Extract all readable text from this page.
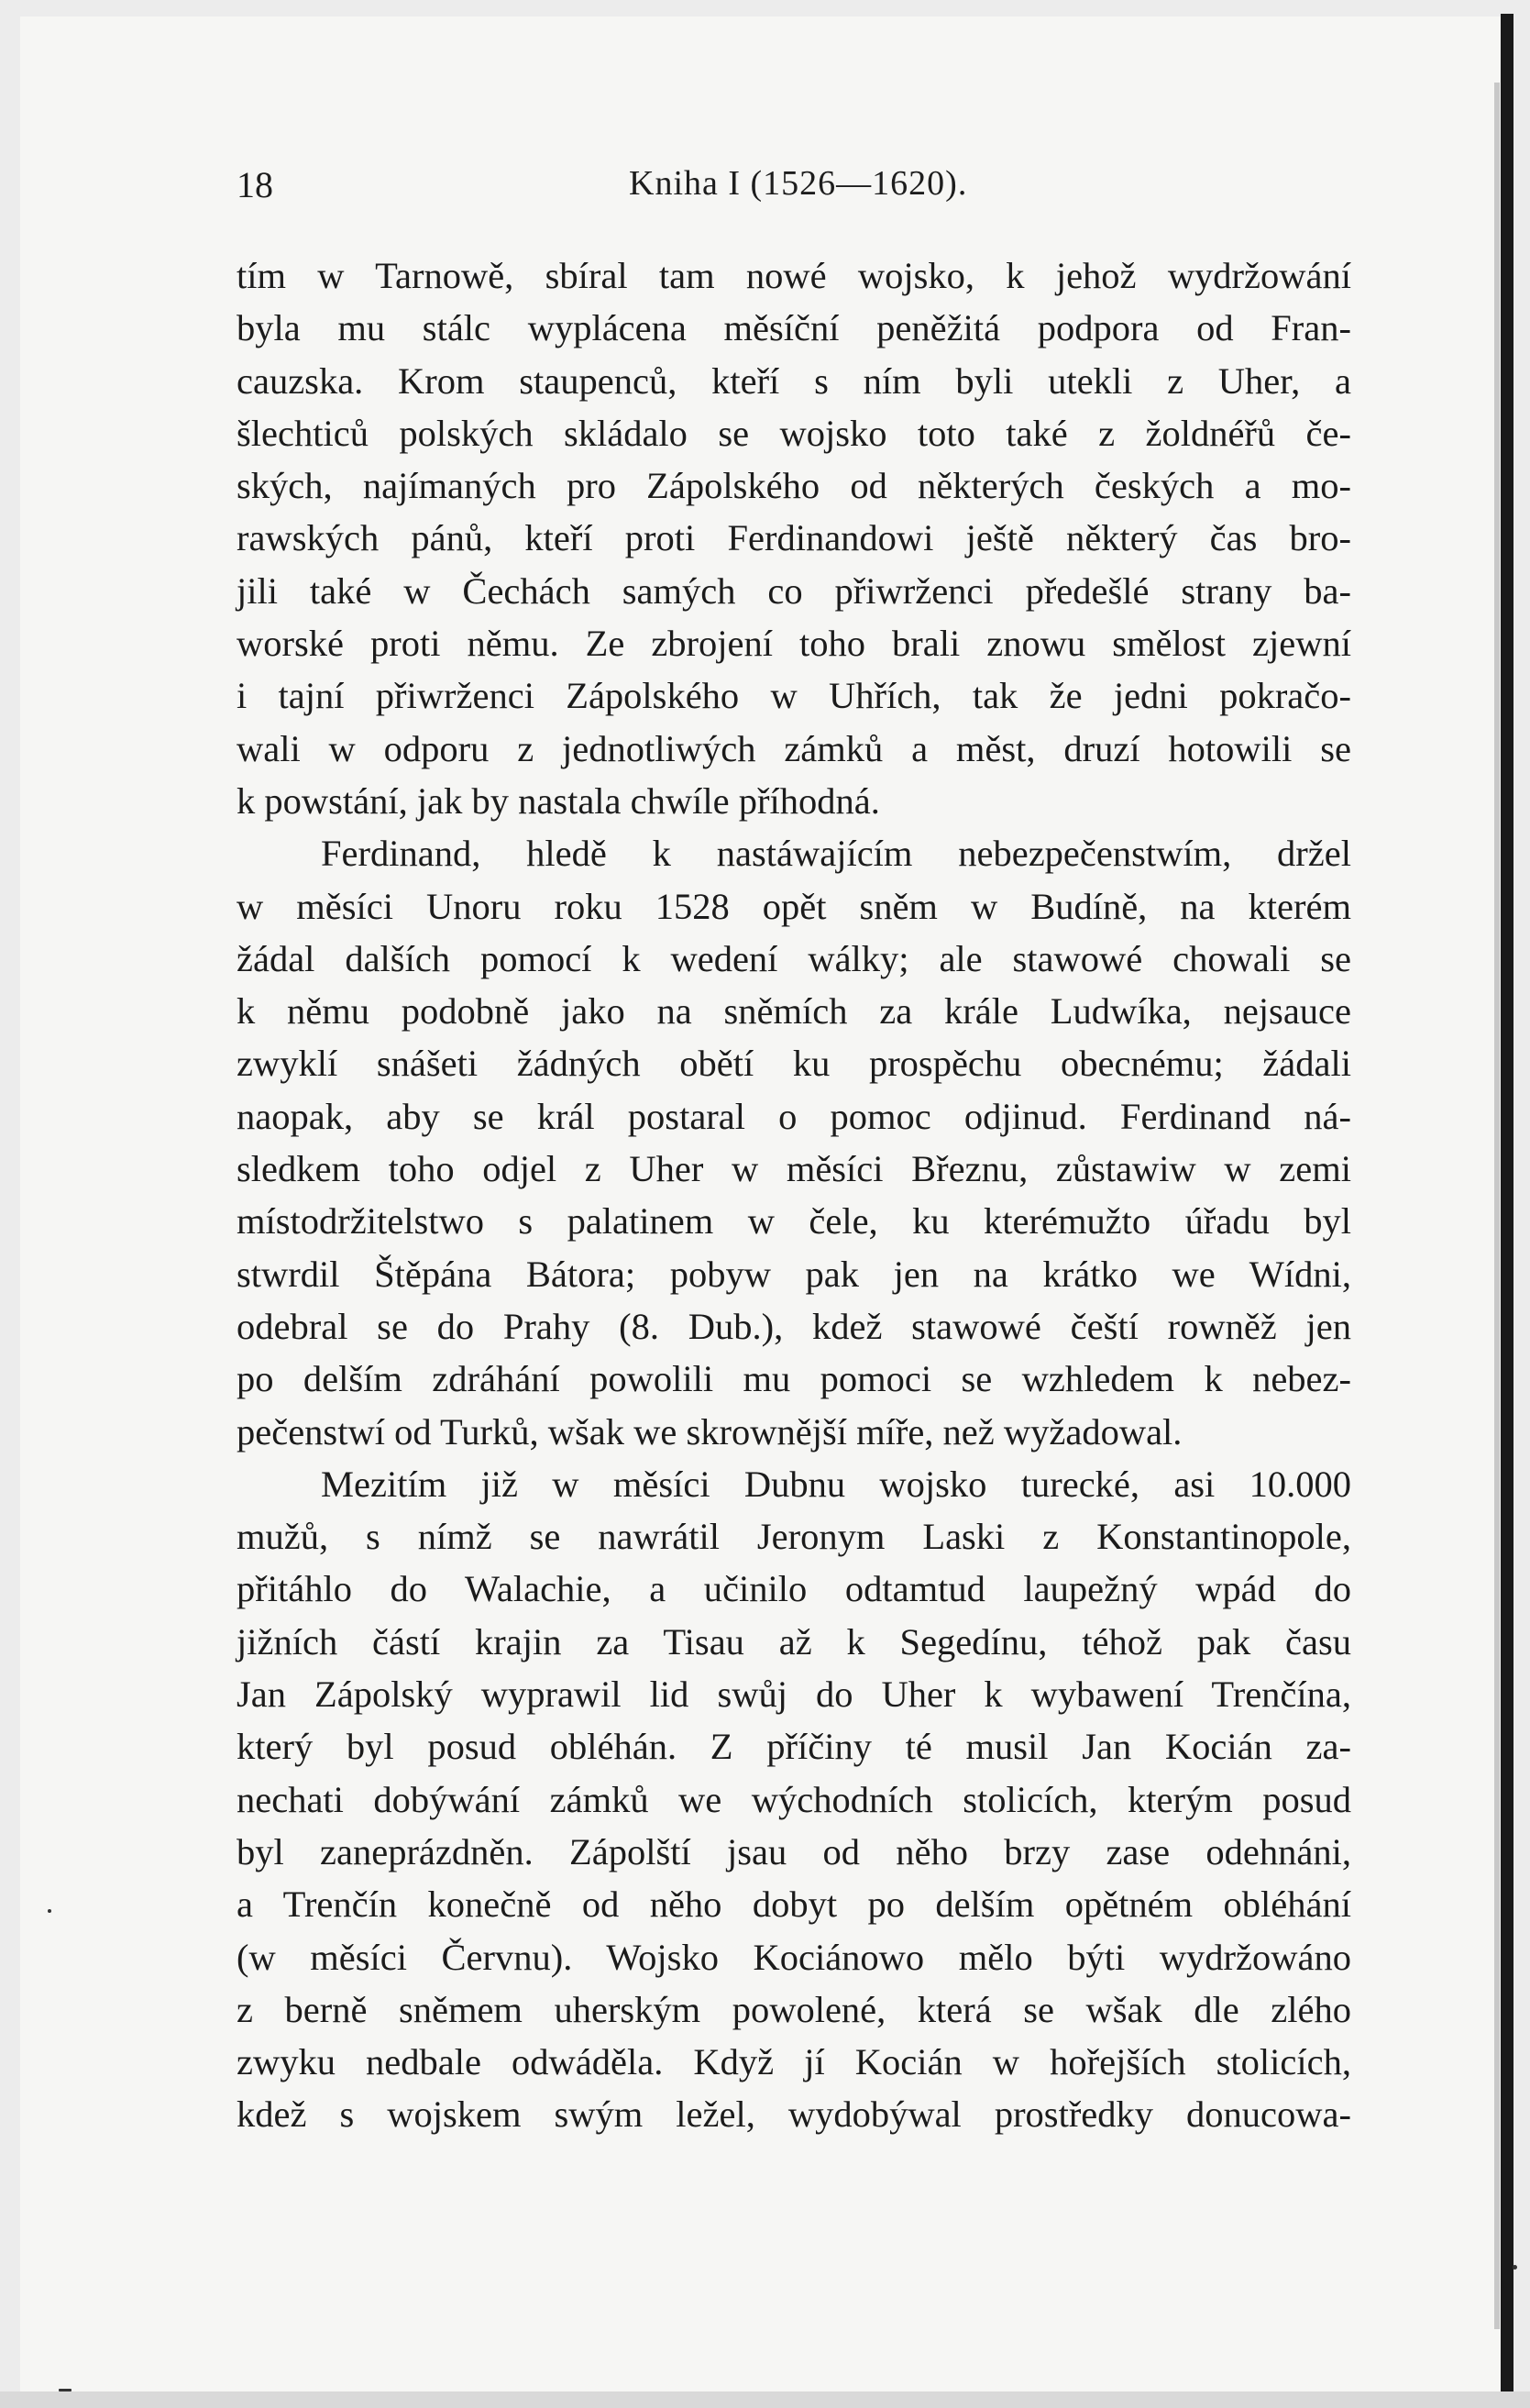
18	Kniha I (1526—1620).
tím w Tarnowě, sbíral tam nowé wojsko, k jehož wydržowání
byla mu stálc wyplácena měsíční peněžitá podpora od Fran-
cauzska. Krom staupenců, kteří s ním byli utekli z Uher, a
šlechticů polských skládalo se wojsko toto také z žoldnéřů če-
ských, najímaných pro Zápolského od některých českých a mo-
rawských pánů, kteří proti Ferdinandowi ještě některý čas bro-
jili také w Čechách samých co přiwrženci předešlé strany ba-
worské proti němu. Ze zbrojení toho brali znowu smělost zjewní
i tajní přiwrženci Zápolského w Uhřích, tak že jedni pokračo-
wali w odporu z jednotliwých zámků a měst, druzí hotowili se
k powstání, jak by nastala chwíle příhodná.
Ferdinand, hledě k nastáwajícím nebezpečenstwím, držel
w měsíci Unoru roku 1528 opět sněm w Budíně, na kterém
žádal dalších pomocí k wedení wálky; ale stawowé chowali se
k němu podobně jako na sněmích za krále Ludwíka, nejsauce
zwyklí snášeti žádných obětí ku prospěchu obecnému; žádali
naopak, aby se král postaral o pomoc odjinud. Ferdinand ná-
sledkem toho odjel z Uher w měsíci Březnu, zůstawiw w zemi
místodržitelstwo s palatinem w čele, ku kterémužto úřadu byl
stwrdil Štěpána Bátora; pobyw pak jen na krátko we Wídni,
odebral se do Prahy (8. Dub.), kdež stawowé čeští rowněž jen
po delším zdráhání powolili mu pomoci se wzhledem k nebez-
pečenstwí od Turků, wšak we skrownější míře, než wyžadowal.
Mezitím již w měsíci Dubnu wojsko turecké, asi 10.000
mužů, s nímž se nawrátil Jeronym Laski z Konstantinopole,
přitáhlo do Walachie, a učinilo odtamtud laupežný wpád do
jižních částí krajin za Tisau až k Segedínu, téhož pak času
Jan Zápolský wyprawil lid swůj do Uher k wybawení Trenčína,
který byl posud obléhán. Z příčiny té musil Jan Kocián za-
nechati dobýwání zámků we wýchodních stolicích, kterým posud
byl zaneprázdněn. Zápolští jsau od něho brzy zase odehnáni,
a Trenčín konečně od něho dobyt po delším opětném obléhání
(w měsíci Červnu). Wojsko Kociánowo mělo býti wydržowáno
z berně sněmem uherským powolené, která se wšak dle zlého
zwyku nedbale odwáděla. Když jí Kocián w hořejších stolicích,
kdež s wojskem swým ležel, wydobýwal prostředky donucowa-
